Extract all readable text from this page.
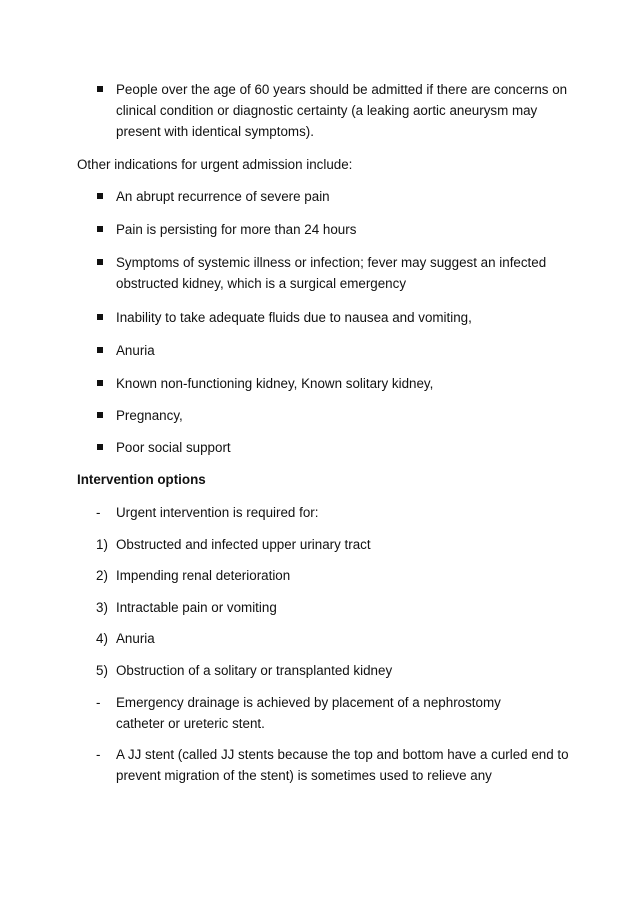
People over the age of 60 years should be admitted if there are concerns on clinical condition or diagnostic certainty (a leaking aortic aneurysm may present with identical symptoms).
Other indications for urgent admission include:
An abrupt recurrence of severe pain
Pain is persisting for more than 24 hours
Symptoms of systemic illness or infection; fever may suggest an infected obstructed kidney, which is a surgical emergency
Inability to take adequate fluids due to nausea and vomiting,
Anuria
Known non-functioning kidney, Known solitary kidney,
Pregnancy,
Poor social support
Intervention options
- Urgent intervention is required for:
1) Obstructed and infected upper urinary tract
2) Impending renal deterioration
3) Intractable pain or vomiting
4) Anuria
5) Obstruction of a solitary or transplanted kidney
- Emergency drainage is achieved by placement of a nephrostomy catheter or ureteric stent.
- A JJ stent (called JJ stents because the top and bottom have a curled end to prevent migration of the stent) is sometimes used to relieve any
